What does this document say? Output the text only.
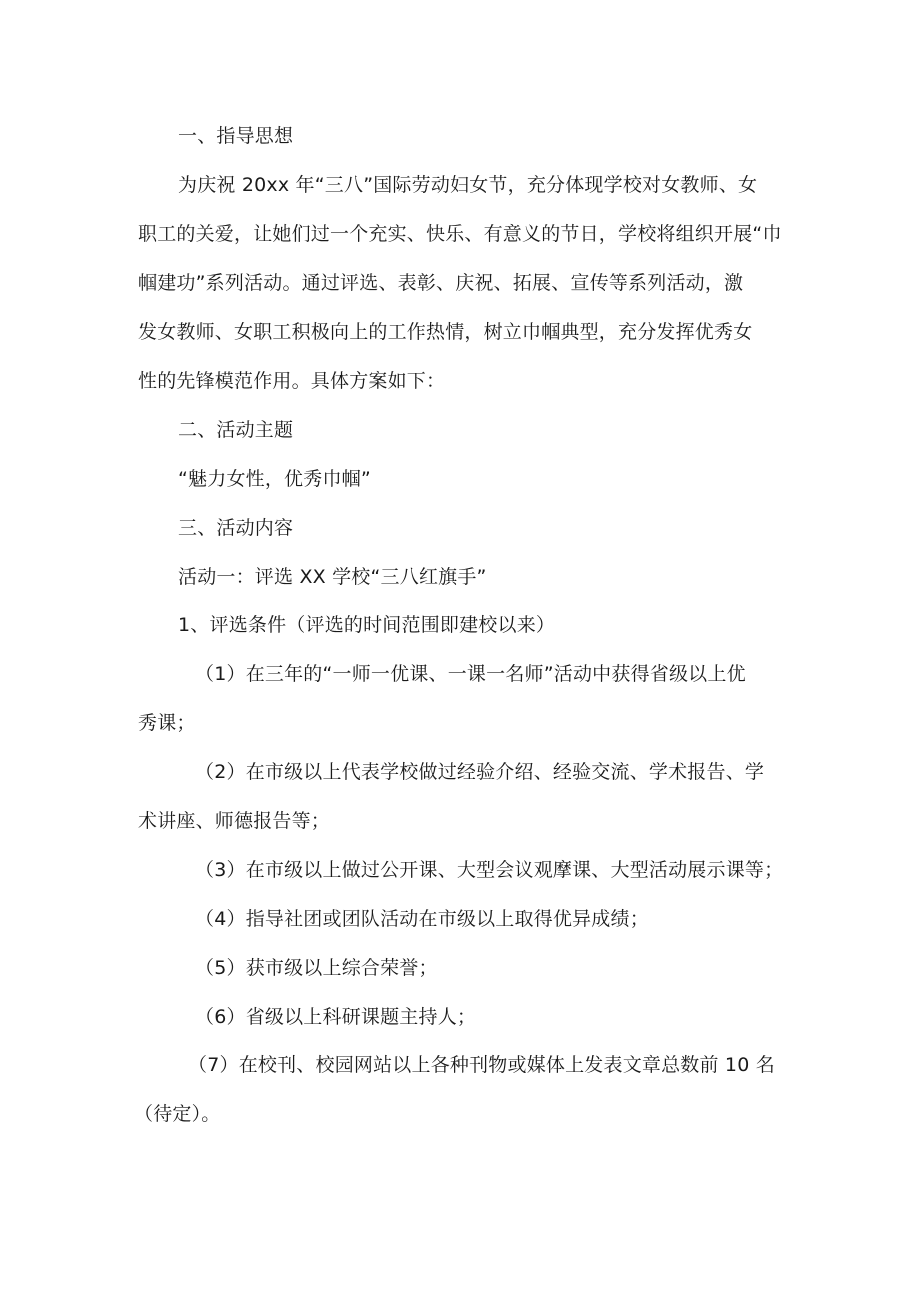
一、指导思想
为庆祝 20xx 年“三八”国际劳动妇女节，充分体现学校对女教师、女
职工的关爱，让她们过一个充实、快乐、有意义的节日，学校将组织开展“巾
帼建功”系列活动。通过评选、表彰、庆祝、拓展、宣传等系列活动，激
发女教师、女职工积极向上的工作热情，树立巾帼典型，充分发挥优秀女
性的先锋模范作用。具体方案如下：
二、活动主题
“魅力女性，优秀巾帼”
三、活动内容
活动一：评选 XX 学校“三八红旗手”
1、评选条件（评选的时间范围即建校以来）
（1）在三年的“一师一优课、一课一名师”活动中获得省级以上优
秀课；
（2）在市级以上代表学校做过经验介绍、经验交流、学术报告、学
术讲座、师德报告等；
（3）在市级以上做过公开课、大型会议观摩课、大型活动展示课等；
（4）指导社团或团队活动在市级以上取得优异成绩；
（5）获市级以上综合荣誉；
（6）省级以上科研课题主持人；
（7）在校刊、校园网站以上各种刊物或媒体上发表文章总数前 10 名
（待定）。
